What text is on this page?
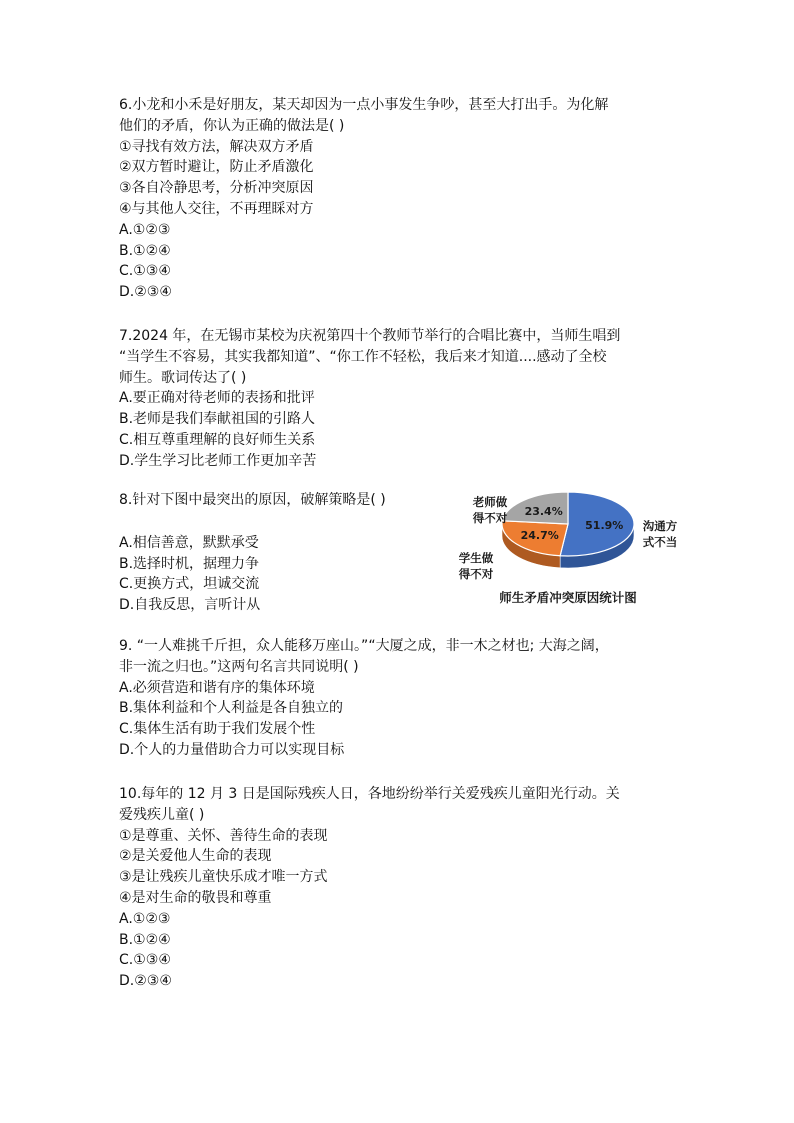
6.小龙和小禾是好朋友，某天却因为一点小事发生争吵，甚至大打出手。为化解
他们的矛盾，你认为正确的做法是( )
①寻找有效方法，解决双方矛盾
②双方暂时避让，防止矛盾激化
③各自冷静思考，分析冲突原因
④与其他人交往，不再理睬对方
A.①②③
B.①②④
C.①③④
D.②③④
7.2024 年，在无锡市某校为庆祝第四十个教师节举行的合唱比赛中，当师生唱到
“当学生不容易，其实我都知道”、“你工作不轻松，我后来才知道....感动了全校
师生。歌词传达了( )
A.要正确对待老师的表扬和批评
B.老师是我们奉献祖国的引路人
C.相互尊重理解的良好师生关系
D.学生学习比老师工作更加辛苦
8.针对下图中最突出的原因，破解策略是( )
A.相信善意，默默承受
B.选择时机，据理力争
C.更换方式，坦诚交流
D.自我反思，言听计从
9. “一人难挑千斤担，众人能移万座山。”“大厦之成，非一木之材也; 大海之阔，
非一流之归也。”这两句名言共同说明( )
A.必须营造和谐有序的集体环境
B.集体利益和个人利益是各自独立的
C.集体生活有助于我们发展个性
D.个人的力量借助合力可以实现目标
10.每年的 12 月 3 日是国际残疾人日，各地纷纷举行关爱残疾儿童阳光行动。关
爱残疾儿童( )
①是尊重、关怀、善待生命的表现
②是关爱他人生命的表现
③是让残疾儿童快乐成才唯一方式
④是对生命的敬畏和尊重
A.①②③
B.①②④
C.①③④
D.②③④
51.9%
24.7%
23.4%
沟通方
式不当
学生做
得不对
老师做
得不对
师生矛盾冲突原因统计图
